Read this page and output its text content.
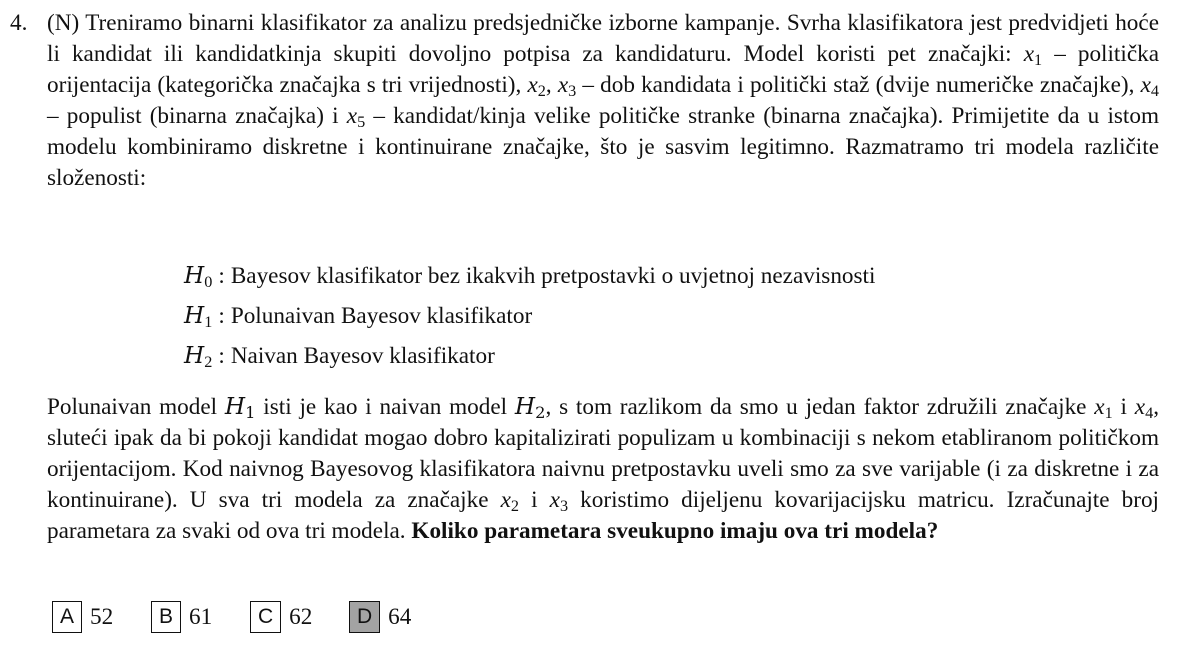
4. (N) Treniramo binarni klasifikator za analizu predsjedničke izborne kampanje. Svrha klasifikatora jest predvidjeti hoće li kandidat ili kandidatkinja skupiti dovoljno potpisa za kandidaturu. Model koristi pet značajki: $x_1$ – politička orijentacija (kategorička značajka s tri vrijednosti), $x_2$, $x_3$ – dob kandidata i politički staž (dvije numeričke značajke), $x_4$ – populist (binarna značajka) i $x_5$ – kandidat/kinja velike političke stranke (binarna značajka). Primijetite da u istom modelu kombiniramo diskretne i kontinuirane značajke, što je sasvim legitimno. Razmatramo tri modela različite složenosti:

$H_0$ : Bayesov klasifikator bez ikakvih pretpostavki o uvjetnoj nezavisnosti
$H_1$ : Polunaivan Bayesov klasifikator
$H_2$ : Naivan Bayesov klasifikator

Polunaivan model $H_1$ isti je kao i naivan model $H_2$, s tom razlikom da smo u jedan faktor združili značajke $x_1$ i $x_4$, sluteći ipak da bi pokoji kandidat mogao dobro kapitalizirati populizam u kombinaciji s nekom etabliranom političkom orijentacijom. Kod naivnog Bayesovog klasifikatora naivnu pretpostavku uveli smo za sve varijable (i za diskretne i za kontinuirane). U sva tri modela za značajke $x_2$ i $x_3$ koristimo dijeljenu kovarijacijsku matricu. Izračunajte broj parametara za svaki od ova tri modela. Koliko parametara sveukupno imaju ova tri modela?

A 52	B 61	C 62	D 64
